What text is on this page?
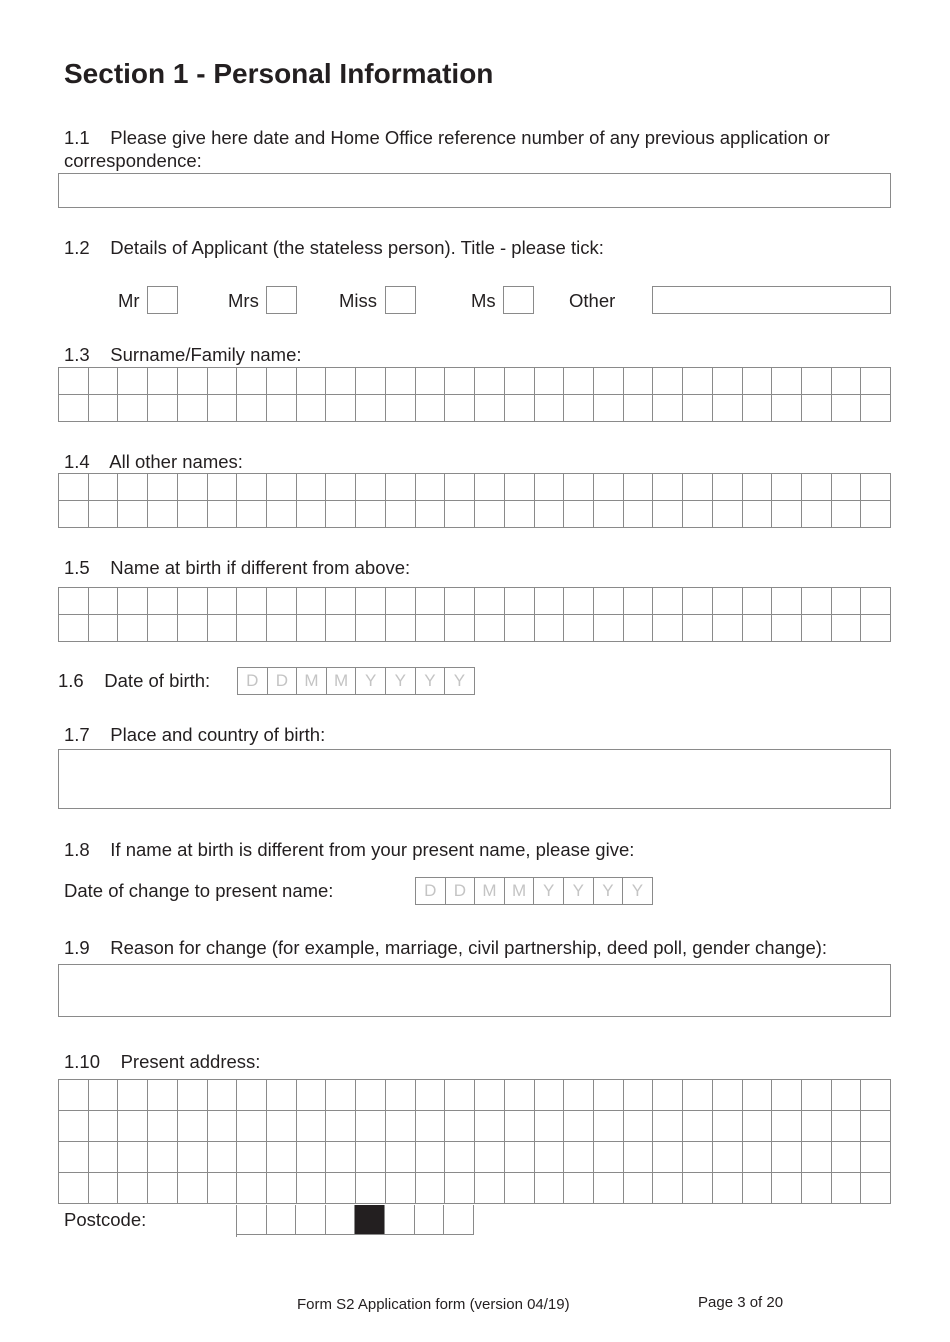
Section 1 - Personal Information
1.1 Please give here date and Home Office reference number of any previous application or correspondence:
1.2 Details of Applicant (the stateless person). Title - please tick:
Mr	Mrs	Miss	Ms	Other
1.3 Surname/Family name:
1.4 All other names:
1.5 Name at birth if different from above:
1.6 Date of birth:	D	D M M Y	Y	Y	Y
1.7 Place and country of birth:
1.8 If name at birth is different from your present name, please give:
Date of change to present name:	D	D M M Y	Y	Y	Y
1.9 Reason for change (for example, marriage, civil partnership, deed poll, gender change):
1.10 Present address:
Postcode:
Form S2 Application form (version 04/19)	Page 3 of 20
